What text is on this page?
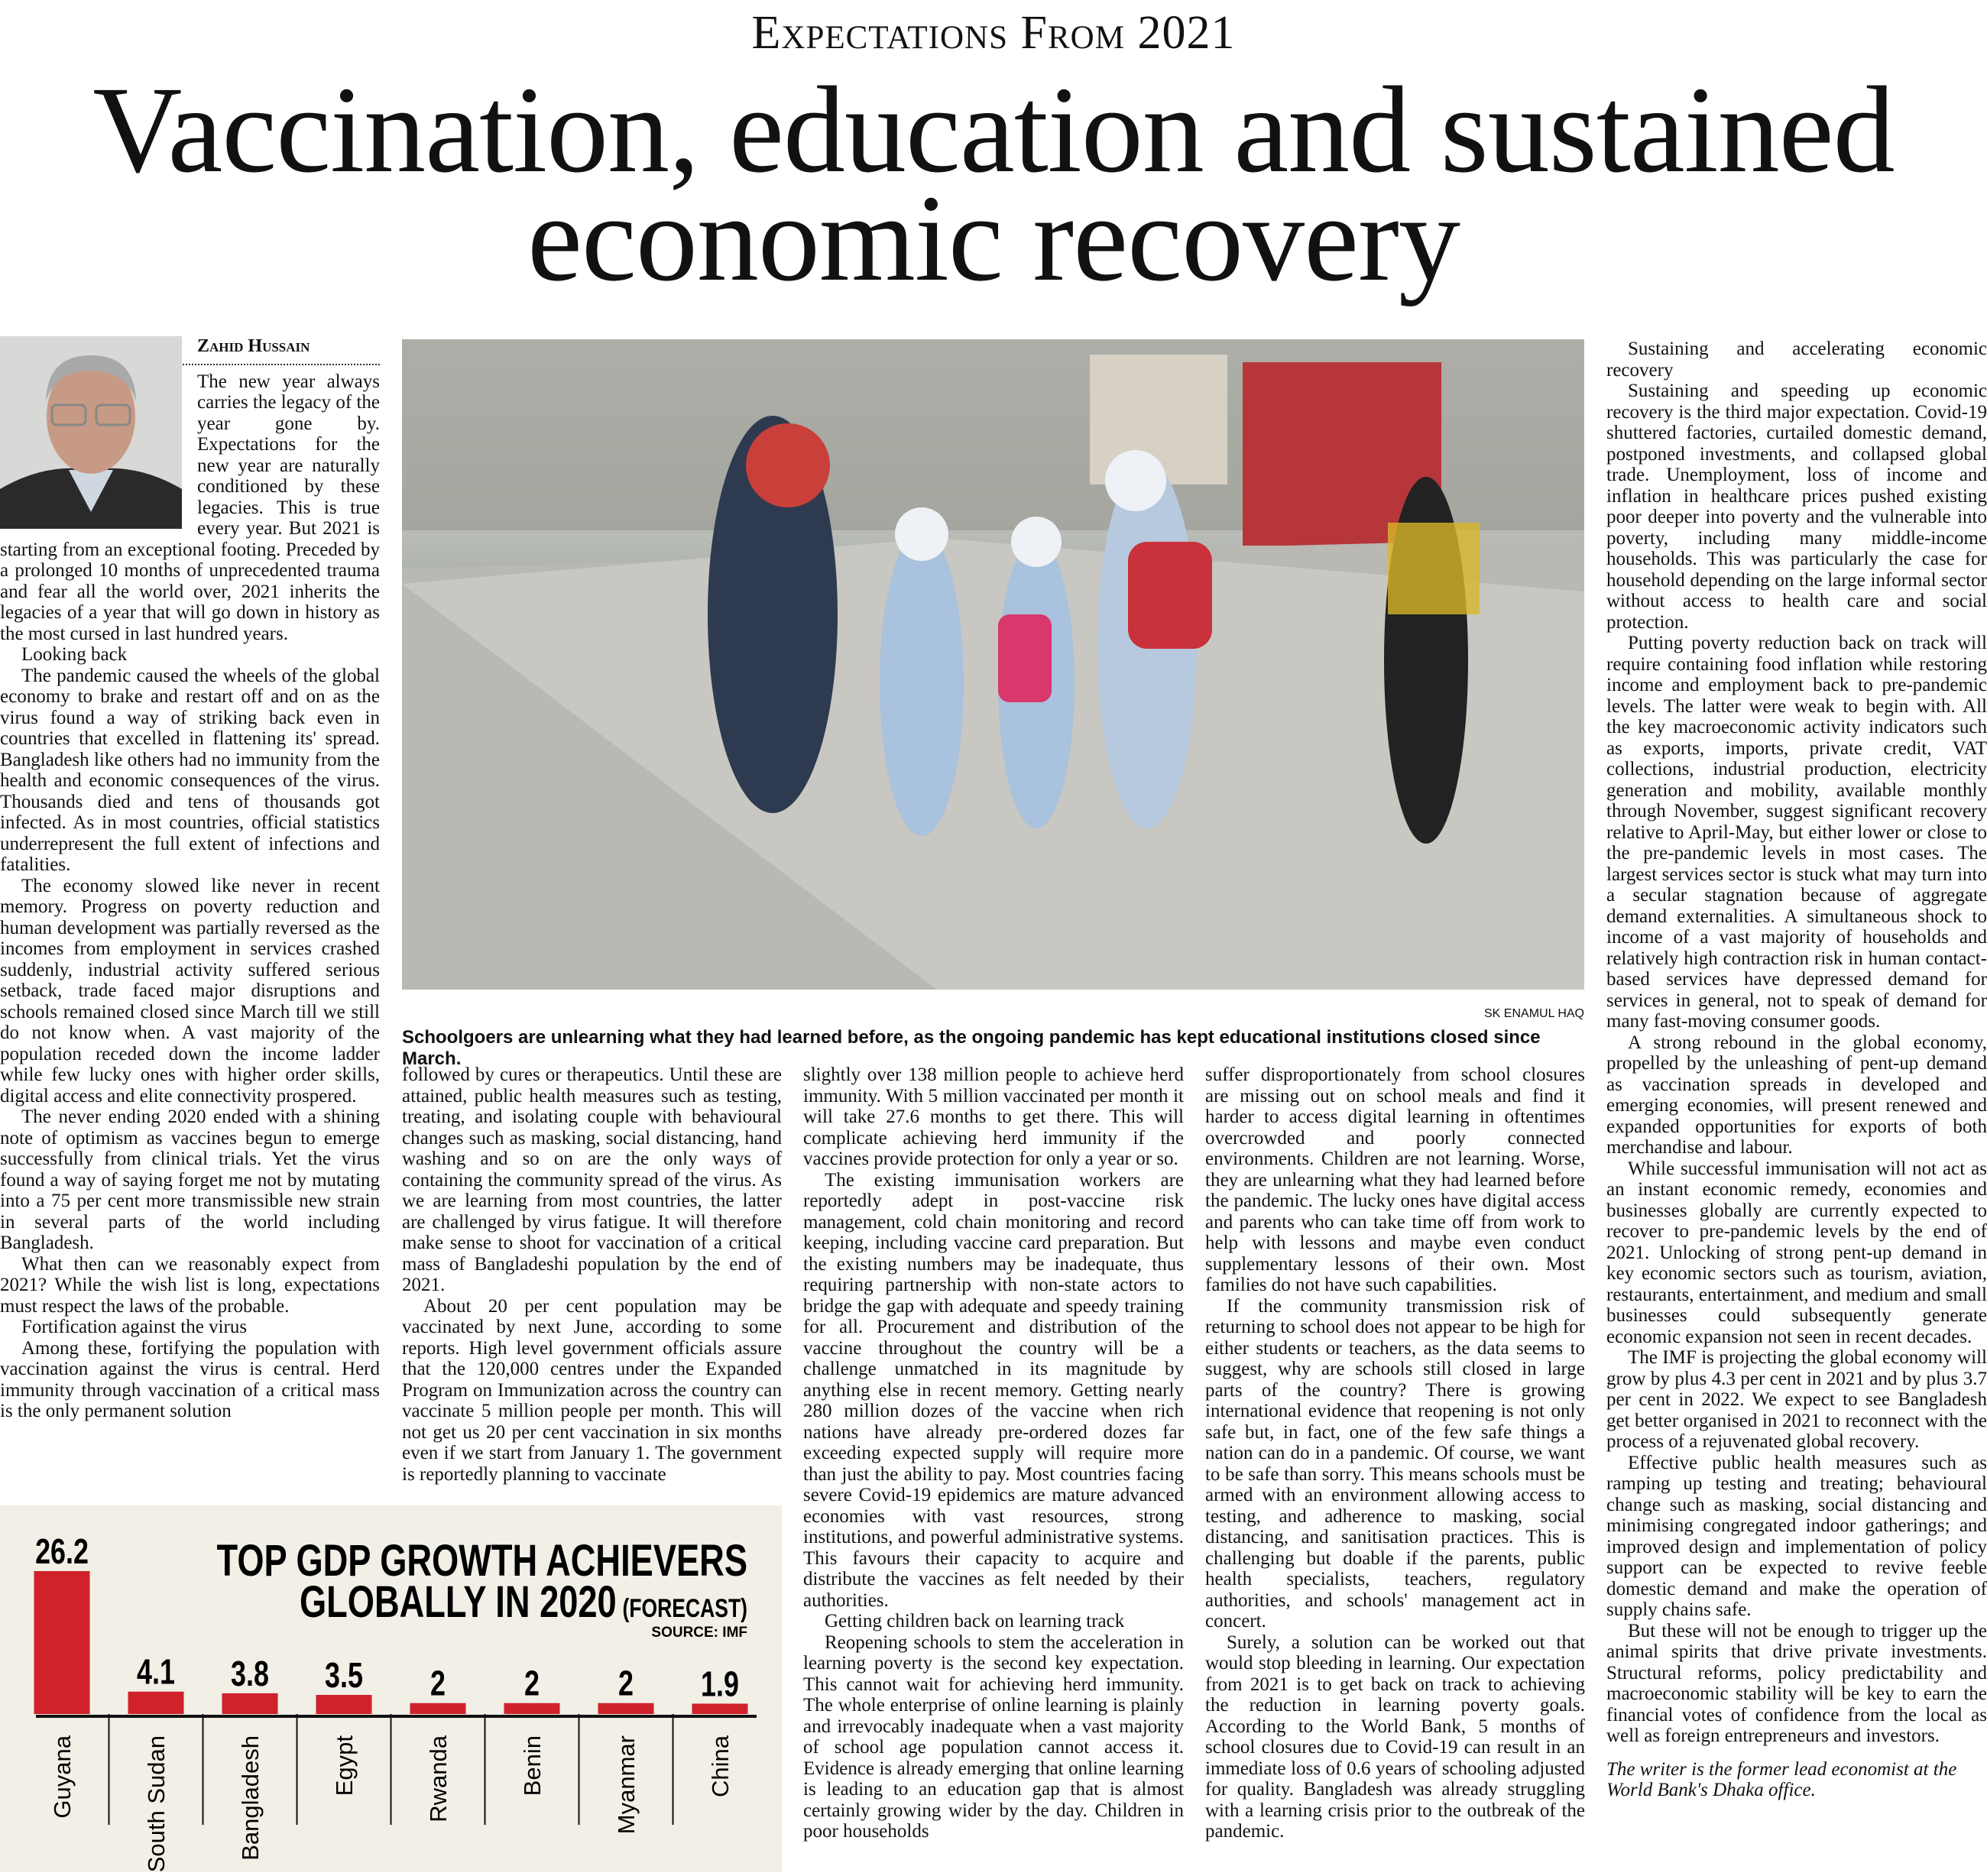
Expectations From 2021
Vaccination, education and sustained
economic recovery
Zahid Hussain

The new year always carries the legacy of the year gone by. Expectations for the new year are naturally conditioned by these legacies. This is true every year. But 2021 is starting from an exceptional footing. Preceded by a prolonged 10 months of unprecedented trauma and fear all the world over, 2021 inherits the legacies of a year that will go down in history as the most cursed in last hundred years.

Looking back

The pandemic caused the wheels of the global economy to brake and restart off and on as the virus found a way of striking back even in countries that excelled in flattening its' spread. Bangladesh like others had no immunity from the health and economic consequences of the virus. Thousands died and tens of thousands got infected. As in most countries, official statistics underrepresent the full extent of infections and fatalities.

The economy slowed like never in recent memory. Progress on poverty reduction and human development was partially reversed as the incomes from employment in services crashed suddenly, industrial activity suffered serious setback, trade faced major disruptions and schools remained closed since March till we still do not know when. A vast majority of the population receded down the income ladder while few lucky ones with higher order skills, digital access and elite connectivity prospered.

The never ending 2020 ended with a shining note of optimism as vaccines begun to emerge successfully from clinical trials. Yet the virus found a way of saying forget me not by mutating into a 75 per cent more transmissible new strain in several parts of the world including Bangladesh.

What then can we reasonably expect from 2021? While the wish list is long, expectations must respect the laws of the probable.

Fortification against the virus

Among these, fortifying the population with vaccination against the virus is central. Herd immunity through vaccination of a critical mass is the only permanent solution

SK ENAMUL HAQ
Schoolgoers are unlearning what they had learned before, as the ongoing pandemic has kept educational institutions closed since March.

followed by cures or therapeutics. Until these are attained, public health measures such as testing, treating, and isolating couple with behavioural changes such as masking, social distancing, hand washing and so on are the only ways of containing the community spread of the virus. As we are learning from most countries, the latter are challenged by virus fatigue. It will therefore make sense to shoot for vaccination of a critical mass of Bangladeshi population by the end of 2021.

About 20 per cent population may be vaccinated by next June, according to some reports. High level government officials assure that the 120,000 centres under the Expanded Program on Immunization across the country can vaccinate 5 million people per month. This will not get us 20 per cent vaccination in six months even if we start from January 1. The government is reportedly planning to vaccinate

slightly over 138 million people to achieve herd immunity. With 5 million vaccinated per month it will take 27.6 months to get there. This will complicate achieving herd immunity if the vaccines provide protection for only a year or so.

The existing immunisation workers are reportedly adept in post-vaccine risk management, cold chain monitoring and record keeping, including vaccine card preparation. But the existing numbers may be inadequate, thus requiring partnership with non-state actors to bridge the gap with adequate and speedy training for all. Procurement and distribution of the vaccine throughout the country will be a challenge unmatched in its magnitude by anything else in recent memory. Getting nearly 280 million dozes of the vaccine when rich nations have already pre-ordered dozes far exceeding expected supply will require more than just the ability to pay. Most countries facing severe Covid-19 epidemics are mature advanced economies with vast resources, strong institutions, and powerful administrative systems. This favours their capacity to acquire and distribute the vaccines as felt needed by their authorities.

Getting children back on learning track

Reopening schools to stem the acceleration in learning poverty is the second key expectation. This cannot wait for achieving herd immunity. The whole enterprise of online learning is plainly and irrevocably inadequate when a vast majority of school age population cannot access it. Evidence is already emerging that online learning is leading to an education gap that is almost certainly growing wider by the day. Children in poor households

suffer disproportionately from school closures are missing out on school meals and find it harder to access digital learning in oftentimes overcrowded and poorly connected environments. Children are not learning. Worse, they are unlearning what they had learned before the pandemic. The lucky ones have digital access and parents who can take time off from work to help with lessons and maybe even conduct supplementary lessons of their own. Most families do not have such capabilities.

If the community transmission risk of returning to school does not appear to be high for either students or teachers, as the data seems to suggest, why are schools still closed in large parts of the country? There is growing international evidence that reopening is not only safe but, in fact, one of the few safe things a nation can do in a pandemic. Of course, we want to be safe than sorry. This means schools must be armed with an environment allowing access to testing, and adherence to masking, social distancing, and sanitisation practices. This is challenging but doable if the parents, public health specialists, teachers, regulatory authorities, and schools' management act in concert.

Surely, a solution can be worked out that would stop bleeding in learning. Our expectation from 2021 is to get back on track to achieving the reduction in learning poverty goals. According to the World Bank, 5 months of school closures due to Covid-19 can result in an immediate loss of 0.6 years of schooling adjusted for quality. Bangladesh was already struggling with a learning crisis prior to the outbreak of the pandemic.

Sustaining and accelerating economic recovery

Sustaining and speeding up economic recovery is the third major expectation. Covid-19 shuttered factories, curtailed domestic demand, postponed investments, and collapsed global trade. Unemployment, loss of income and inflation in healthcare prices pushed existing poor deeper into poverty and the vulnerable into poverty, including many middle-income households. This was particularly the case for household depending on the large informal sector without access to health care and social protection.

Putting poverty reduction back on track will require containing food inflation while restoring income and employment back to pre-pandemic levels. The latter were weak to begin with. All the key macroeconomic activity indicators such as exports, imports, private credit, VAT collections, industrial production, electricity generation and mobility, available monthly through November, suggest significant recovery relative to April-May, but either lower or close to the pre-pandemic levels in most cases. The largest services sector is stuck what may turn into a secular stagnation because of aggregate demand externalities. A simultaneous shock to income of a vast majority of households and relatively high contraction risk in human contact-based services have depressed demand for services in general, not to speak of demand for many fast-moving consumer goods.

A strong rebound in the global economy, propelled by the unleashing of pent-up demand as vaccination spreads in developed and emerging economies, will present renewed and expanded opportunities for exports of both merchandise and labour.

While successful immunisation will not act as an instant economic remedy, economies and businesses globally are currently expected to recover to pre-pandemic levels by the end of 2021. Unlocking of strong pent-up demand in key economic sectors such as tourism, aviation, restaurants, entertainment, and medium and small businesses could subsequently generate economic expansion not seen in recent decades.

The IMF is projecting the global economy will grow by plus 4.3 per cent in 2021 and by plus 3.7 per cent in 2022. We expect to see Bangladesh get better organised in 2021 to reconnect with the process of a rejuvenated global recovery.

Effective public health measures such as ramping up testing and treating; behavioural change such as masking, social distancing and minimising congregated indoor gatherings; and improved design and implementation of policy support can be expected to revive feeble domestic demand and make the operation of supply chains safe.

But these will not be enough to trigger up the animal spirits that drive private investments. Structural reforms, policy predictability and macroeconomic stability will be key to earn the financial votes of confidence from the local as well as foreign entrepreneurs and investors.

The writer is the former lead economist at the World Bank's Dhaka office.

TOP GDP GROWTH ACHIEVERS
GLOBALLY IN 2020 (FORECAST)
SOURCE: IMF
26.2
Guyana
4.1
South Sudan
3.8
Bangladesh
3.5
Egypt
2
Rwanda
2
Benin
2
Myanmar
1.9
China
